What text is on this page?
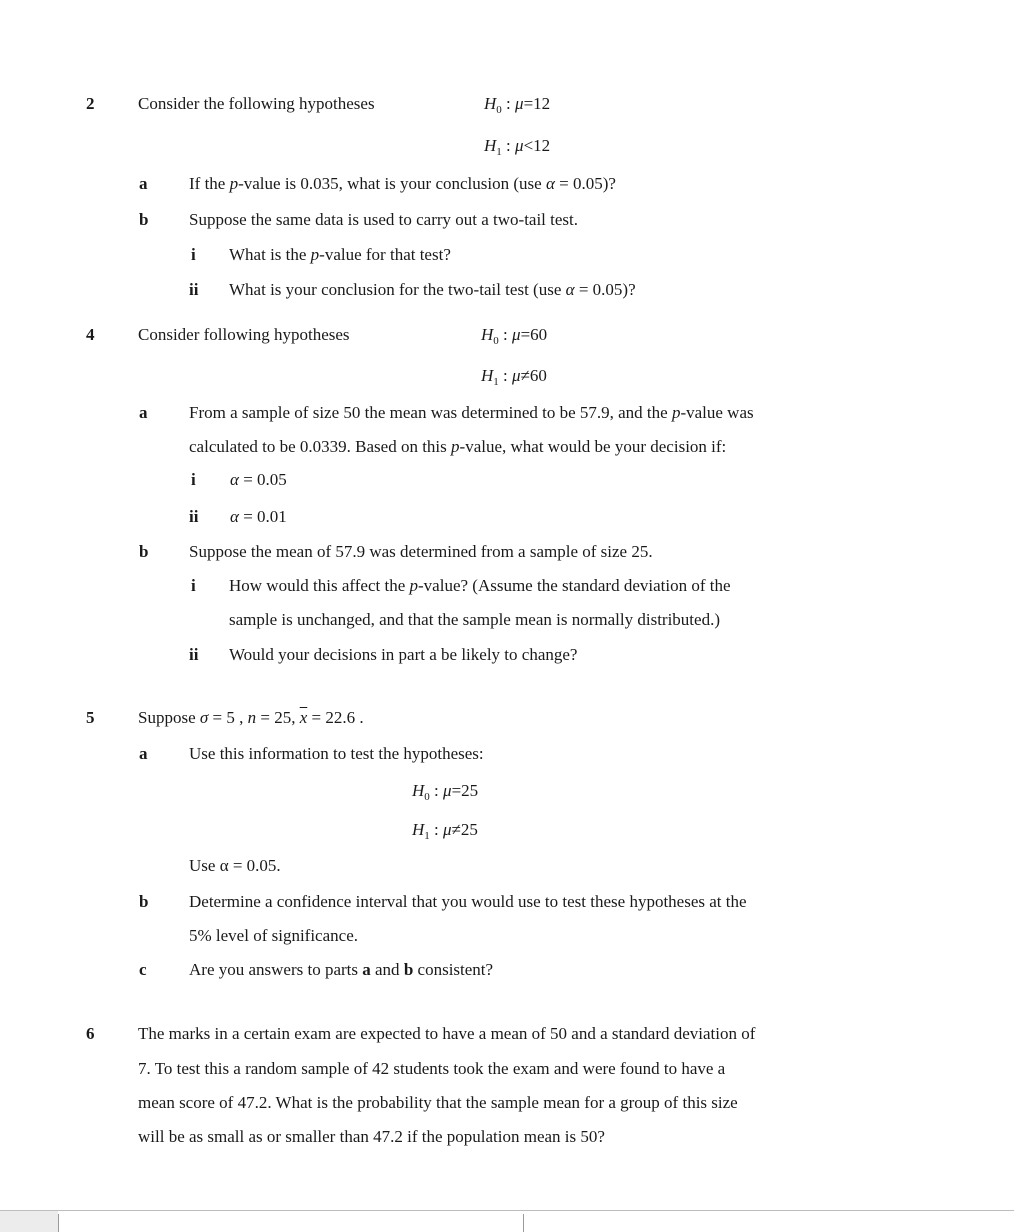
2	Consider the following hypotheses	$H_0$ : μ=12
$H_1$ : μ<12
a If the p-value is 0.035, what is your conclusion (use α = 0.05)?
b Suppose the same data is used to carry out a two-tail test.
i What is the p-value for that test?
ii What is your conclusion for the two-tail test (use α = 0.05)?
4	Consider following hypotheses	$H_0$ : μ=60
$H_1$ : μ≠60
a From a sample of size 50 the mean was determined to be 57.9, and the p-value was
calculated to be 0.0339. Based on this p-value, what would be your decision if:
i α = 0.05
ii α = 0.01
b Suppose the mean of 57.9 was determined from a sample of size 25.
i How would this affect the p-value? (Assume the standard deviation of the
sample is unchanged, and that the sample mean is normally distributed.)
ii Would your decisions in part a be likely to change?
5	Suppose σ = 5 , n = 25, $\overline{x} = 22.6$ .
a Use this information to test the hypotheses:
$H_0$ : μ=25
$H_1$ : μ≠25
Use α = 0.05.
b Determine a confidence interval that you would use to test these hypotheses at the
5% level of significance.
c Are you answers to parts a and b consistent?
6	The marks in a certain exam are expected to have a mean of 50 and a standard deviation of
7. To test this a random sample of 42 students took the exam and were found to have a
mean score of 47.2. What is the probability that the sample mean for a group of this size
will be as small as or smaller than 47.2 if the population mean is 50?
